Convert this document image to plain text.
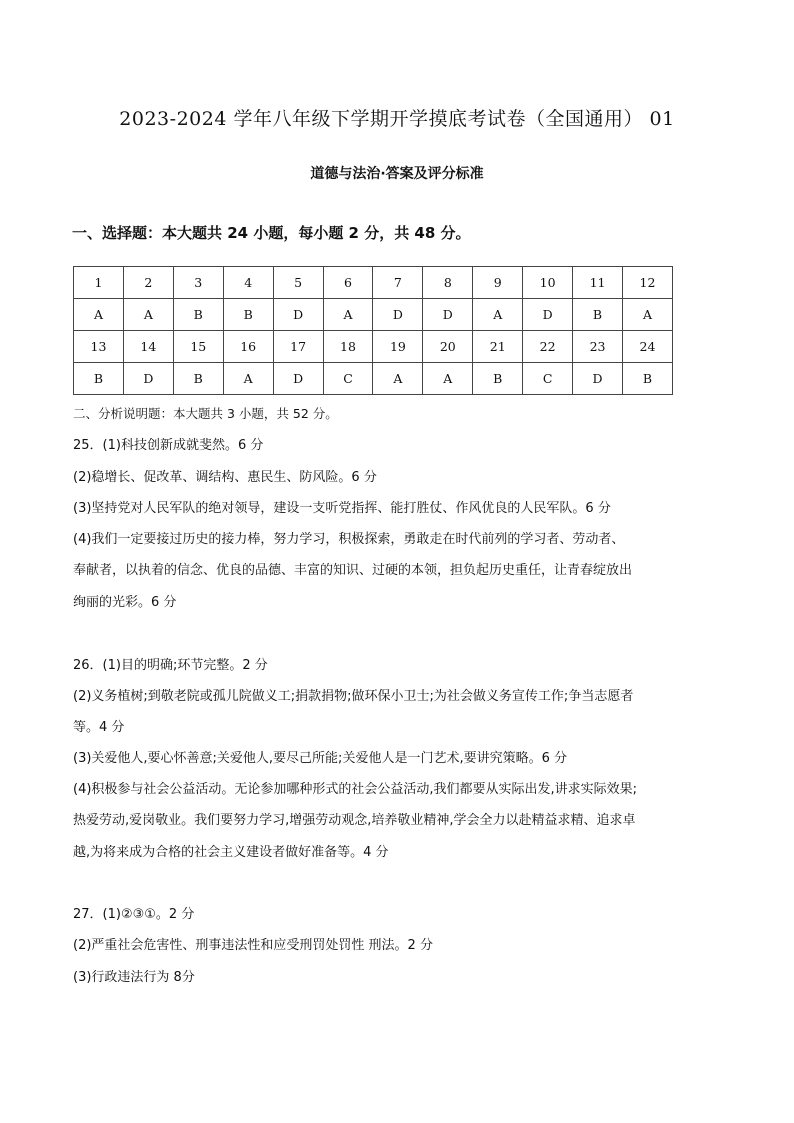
2023-2024 学年八年级下学期开学摸底考试卷（全国通用） 01
道德与法治·答案及评分标准
一、选择题：本大题共 24 小题，每小题 2 分，共 48 分。
1	2	3	4	5	6	7	8	9	10	11	12
A	A	B	B	D	A	D	D	A	D	B	A
13	14	15	16	17	18	19	20	21	22	23	24
B	D	B	A	D	C	A	A	B	C	D	B
二、分析说明题：本大题共 3 小题，共 52 分。
25．(1)科技创新成就斐然。6 分
(2)稳增长、促改革、调结构、惠民生、防风险。6 分
(3)坚持党对人民军队的绝对领导，建设一支听党指挥、能打胜仗、作风优良的人民军队。6 分
(4)我们一定要接过历史的接力棒，努力学习，积极探索，勇敢走在时代前列的学习者、劳动者、
奉献者，以执着的信念、优良的品德、丰富的知识、过硬的本领，担负起历史重任，让青春绽放出
绚丽的光彩。6 分
26．(1)目的明确;环节完整。2 分
(2)义务植树;到敬老院或孤儿院做义工;捐款捐物;做环保小卫士;为社会做义务宣传工作;争当志愿者
等。4 分
(3)关爱他人,要心怀善意;关爱他人,要尽己所能;关爱他人是一门艺术,要讲究策略。6 分
(4)积极参与社会公益活动。无论参加哪种形式的社会公益活动,我们都要从实际出发,讲求实际效果;
热爱劳动,爱岗敬业。我们要努力学习,增强劳动观念,培养敬业精神,学会全力以赴精益求精、追求卓
越,为将来成为合格的社会主义建设者做好准备等。4 分
27．(1)②③①。2 分
(2)严重社会危害性、刑事违法性和应受刑罚处罚性 刑法。2 分
(3)行政违法行为 8分
